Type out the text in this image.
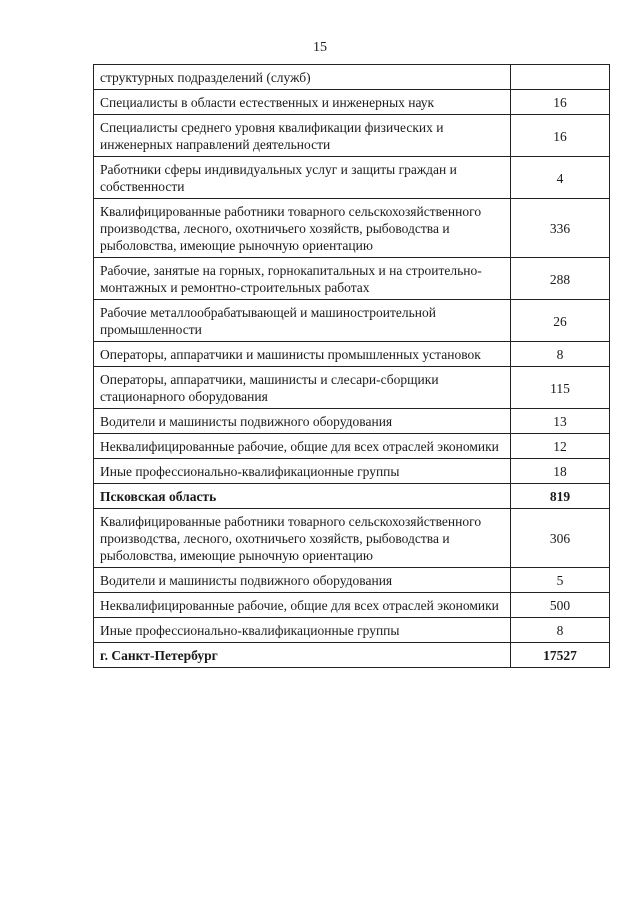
15
структурных подразделений (служб)	
Специалисты в области естественных и инженерных наук	16
Специалисты среднего уровня квалификации физических и инженерных направлений деятельности	16
Работники сферы индивидуальных услуг и защиты граждан и собственности	4
Квалифицированные работники товарного сельскохозяйственного производства, лесного, охотничьего хозяйств, рыбоводства и рыболовства, имеющие рыночную ориентацию	336
Рабочие, занятые на горных, горнокапитальных и на строительно-монтажных и ремонтно-строительных работах	288
Рабочие металлообрабатывающей и машиностроительной промышленности	26
Операторы, аппаратчики и машинисты промышленных установок	8
Операторы, аппаратчики, машинисты и слесари-сборщики стационарного оборудования	115
Водители и машинисты подвижного оборудования	13
Неквалифицированные рабочие, общие для всех отраслей экономики	12
Иные профессионально-квалификационные группы	18
Псковская область	819
Квалифицированные работники товарного сельскохозяйственного производства, лесного, охотничьего хозяйств, рыбоводства и рыболовства, имеющие рыночную ориентацию	306
Водители и машинисты подвижного оборудования	5
Неквалифицированные рабочие, общие для всех отраслей экономики	500
Иные профессионально-квалификационные группы	8
г. Санкт-Петербург	17527
